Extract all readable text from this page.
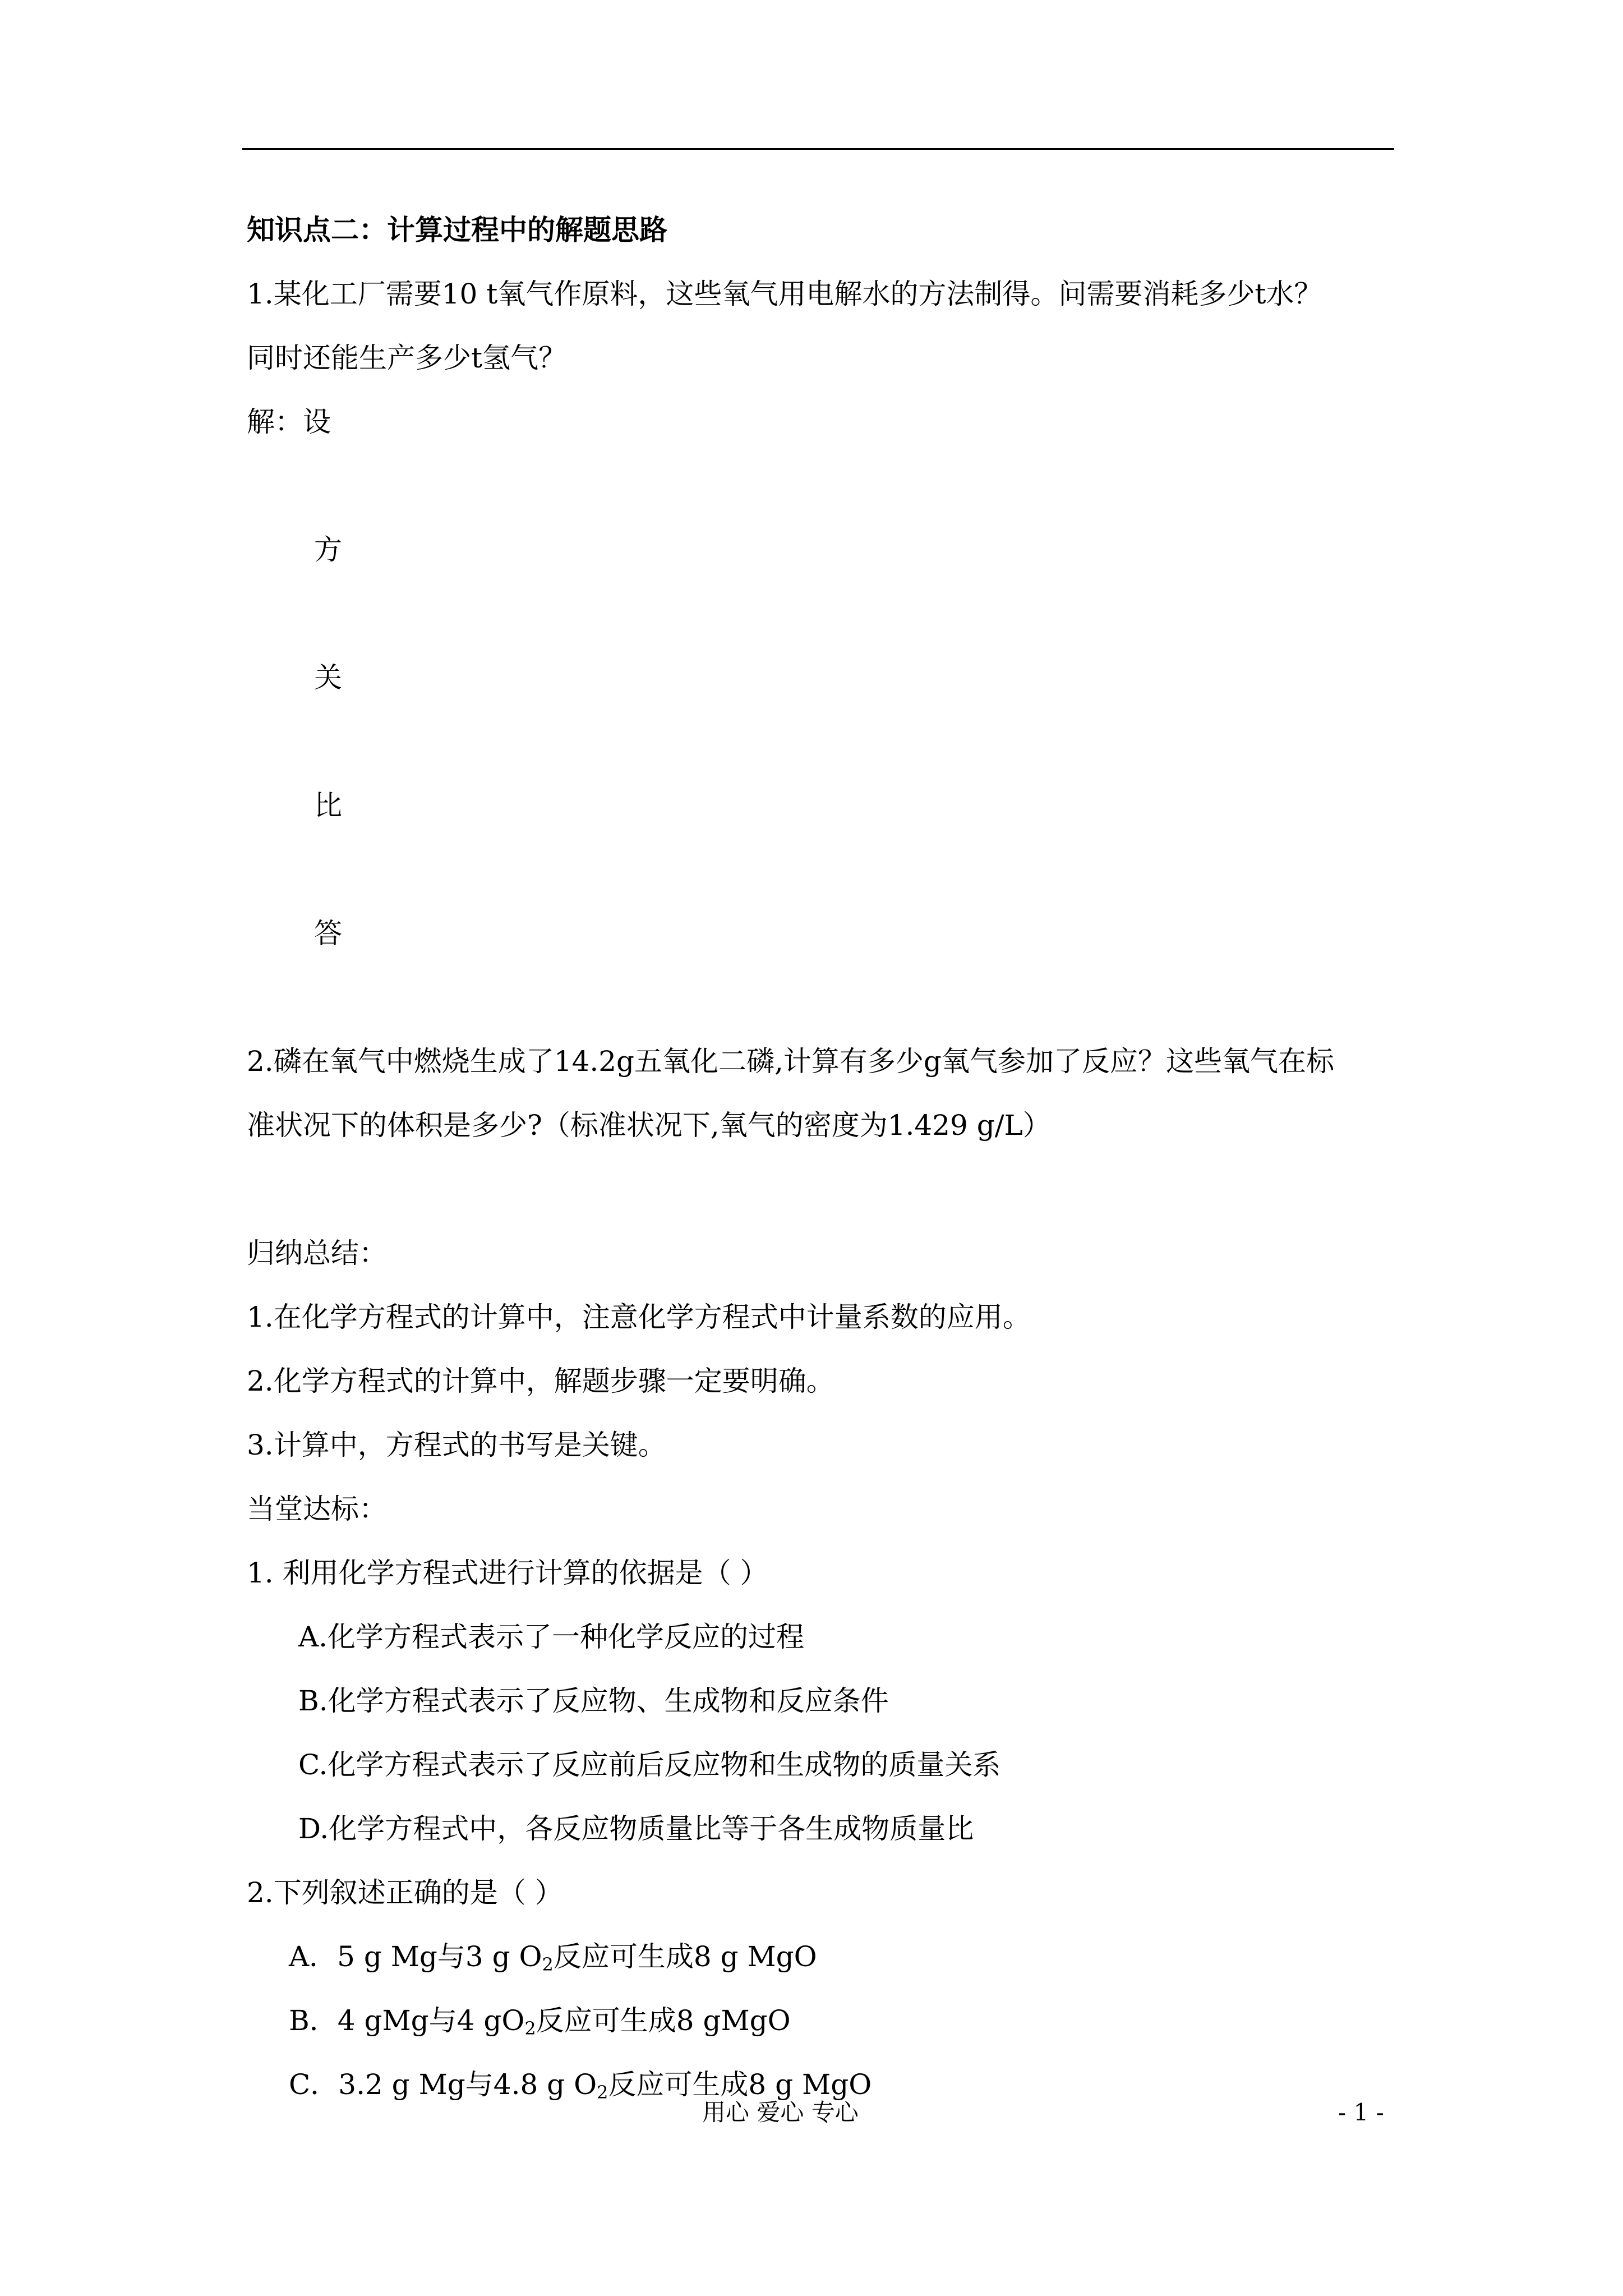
知识点二：计算过程中的解题思路

1.某化工厂需要10 t氧气作原料，这些氧气用电解水的方法制得。问需要消耗多少t水？

同时还能生产多少t氢气？

解：设

方

关

比

答

2.磷在氧气中燃烧生成了14.2g五氧化二磷,计算有多少g氧气参加了反应？这些氧气在标

准状况下的体积是多少?（标准状况下,氧气的密度为1.429 g/L）

归纳总结：

1.在化学方程式的计算中，注意化学方程式中计量系数的应用。

2.化学方程式的计算中，解题步骤一定要明确。

3.计算中，方程式的书写是关键。

当堂达标：

1. 利用化学方程式进行计算的依据是（ ）

A.化学方程式表示了一种化学反应的过程

B.化学方程式表示了反应物、生成物和反应条件

C.化学方程式表示了反应前后反应物和生成物的质量关系

D.化学方程式中，各反应物质量比等于各生成物质量比

2.下列叙述正确的是（ ）

A．5 g Mg与3 g $O_2$反应可生成8 g MgO

B．4 gMg与4 $gO_2$反应可生成8 gMgO

C．3.2 g Mg与4.8 g $O_2$反应可生成8 g MgO

用心 爱心 专心	- 1 -
